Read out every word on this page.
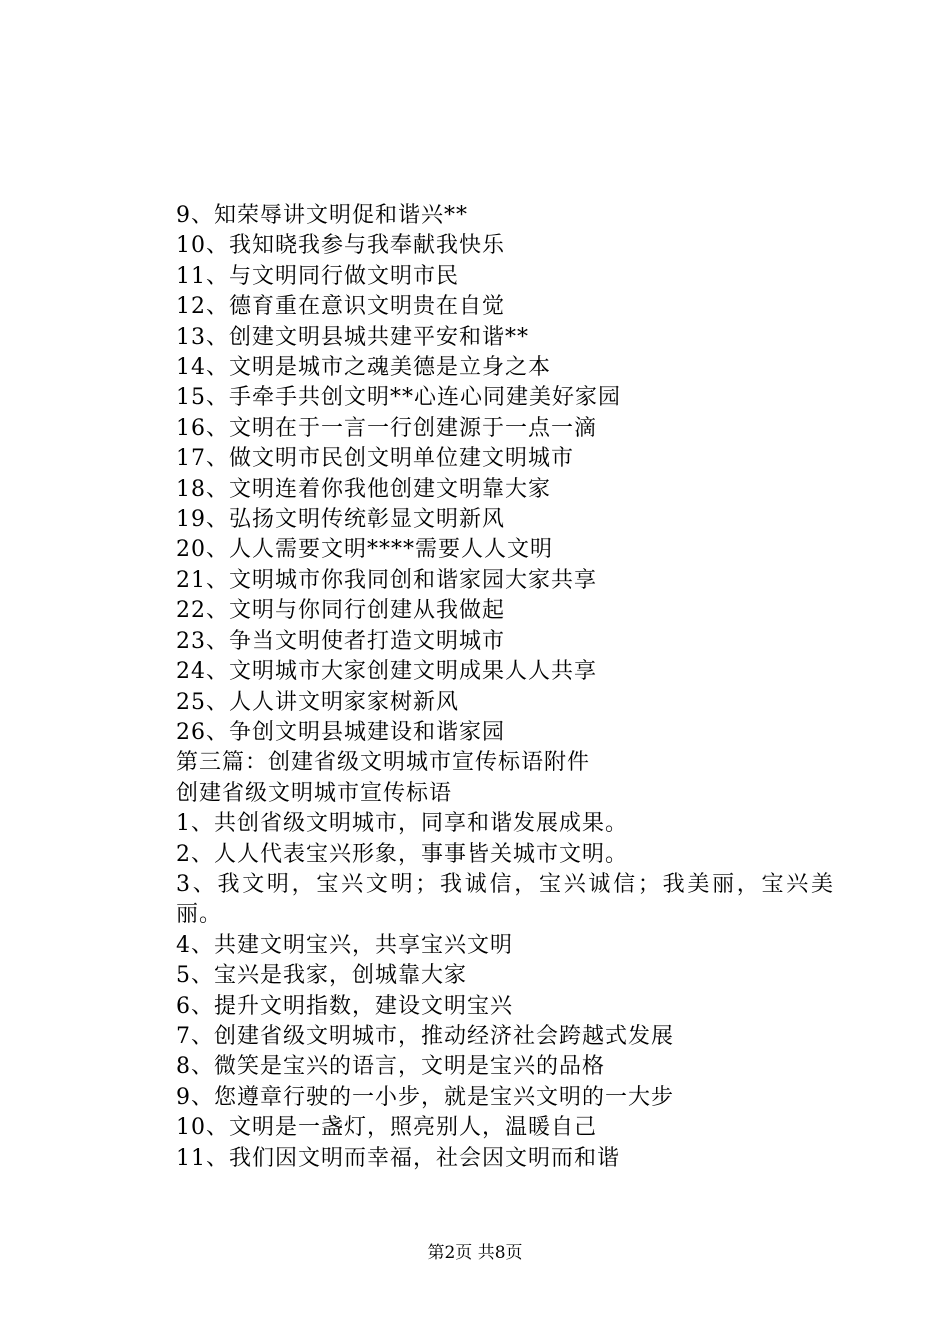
9、知荣辱讲文明促和谐兴**
10、我知晓我参与我奉献我快乐
11、与文明同行做文明市民
12、德育重在意识文明贵在自觉
13、创建文明县城共建平安和谐**
14、文明是城市之魂美德是立身之本
15、手牵手共创文明**心连心同建美好家园
16、文明在于一言一行创建源于一点一滴
17、做文明市民创文明单位建文明城市
18、文明连着你我他创建文明靠大家
19、弘扬文明传统彰显文明新风
20、人人需要文明****需要人人文明
21、文明城市你我同创和谐家园大家共享
22、文明与你同行创建从我做起
23、争当文明使者打造文明城市
24、文明城市大家创建文明成果人人共享
25、人人讲文明家家树新风
26、争创文明县城建设和谐家园
第三篇：创建省级文明城市宣传标语附件
创建省级文明城市宣传标语
1、共创省级文明城市，同享和谐发展成果。
2、人人代表宝兴形象，事事皆关城市文明。
3、我文明，宝兴文明；我诚信，宝兴诚信；我美丽，宝兴美丽。
4、共建文明宝兴，共享宝兴文明
5、宝兴是我家，创城靠大家
6、提升文明指数，建设文明宝兴
7、创建省级文明城市，推动经济社会跨越式发展
8、微笑是宝兴的语言，文明是宝兴的品格
9、您遵章行驶的一小步，就是宝兴文明的一大步
10、文明是一盏灯，照亮别人，温暖自己
11、我们因文明而幸福，社会因文明而和谐
第2页 共8页
